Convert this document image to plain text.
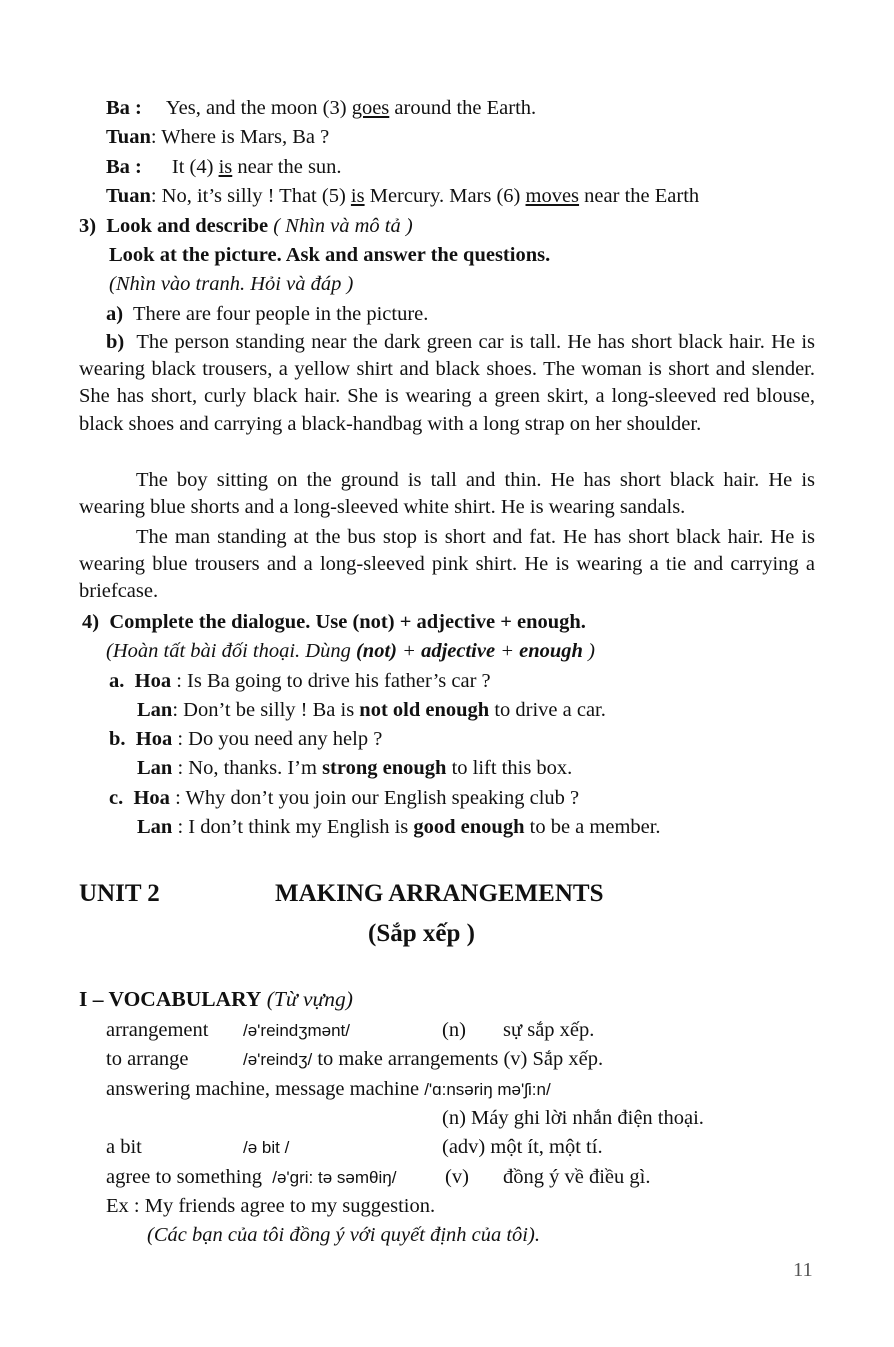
Ba : Yes, and the moon (3) goes around the Earth.
Tuan: Where is Mars, Ba ?
Ba : It (4) is near the sun.
Tuan: No, it’s silly ! That (5) is Mercury. Mars (6) moves near the Earth
3) Look and describe ( Nhìn và mô tả )
Look at the picture. Ask and answer the questions.
(Nhìn vào tranh. Hỏi và đáp )
a) There are four people in the picture.
b) The person standing near the dark green car is tall. He has short black hair. He is wearing black trousers, a yellow shirt and black shoes. The woman is short and slender. She has short, curly black hair. She is wearing a green skirt, a long-sleeved red blouse, black shoes and carrying a black-handbag with a long strap on her shoulder.
The boy sitting on the ground is tall and thin. He has short black hair. He is wearing blue shorts and a long-sleeved white shirt. He is wearing sandals.
The man standing at the bus stop is short and fat. He has short black hair. He is wearing blue trousers and a long-sleeved pink shirt. He is wearing a tie and carrying a briefcase.
4) Complete the dialogue. Use (not) + adjective + enough.
(Hoàn tất bài đối thoại. Dùng (not) + adjective + enough )
a. Hoa : Is Ba going to drive his father’s car ?
Lan: Don’t be silly ! Ba is not old enough to drive a car.
b. Hoa : Do you need any help ?
Lan : No, thanks. I’m strong enough to lift this box.
c. Hoa : Why don’t you join our English speaking club ?
Lan : I don’t think my English is good enough to be a member.
UNIT 2	MAKING ARRANGEMENTS
(Sắp xếp )
I – VOCABULARY (Từ vựng)
arrangement /ə'reindʒmənt/	(n) sự sắp xếp.
to arrange	/ə'reindʒ/ to make arrangements (v) Sắp xếp.
answering machine, message machine /'ɑ:nsəriŋ mə'ʃi:n/
(n) Máy ghi lời nhắn điện thoại.
a bit	/ə bit /	(adv) một ít, một tí.
agree to something /ə'gri: tə səmθiŋ/ (v) đồng ý về điều gì.
Ex : My friends agree to my suggestion.
(Các bạn của tôi đồng ý với quyết định của tôi).
11
